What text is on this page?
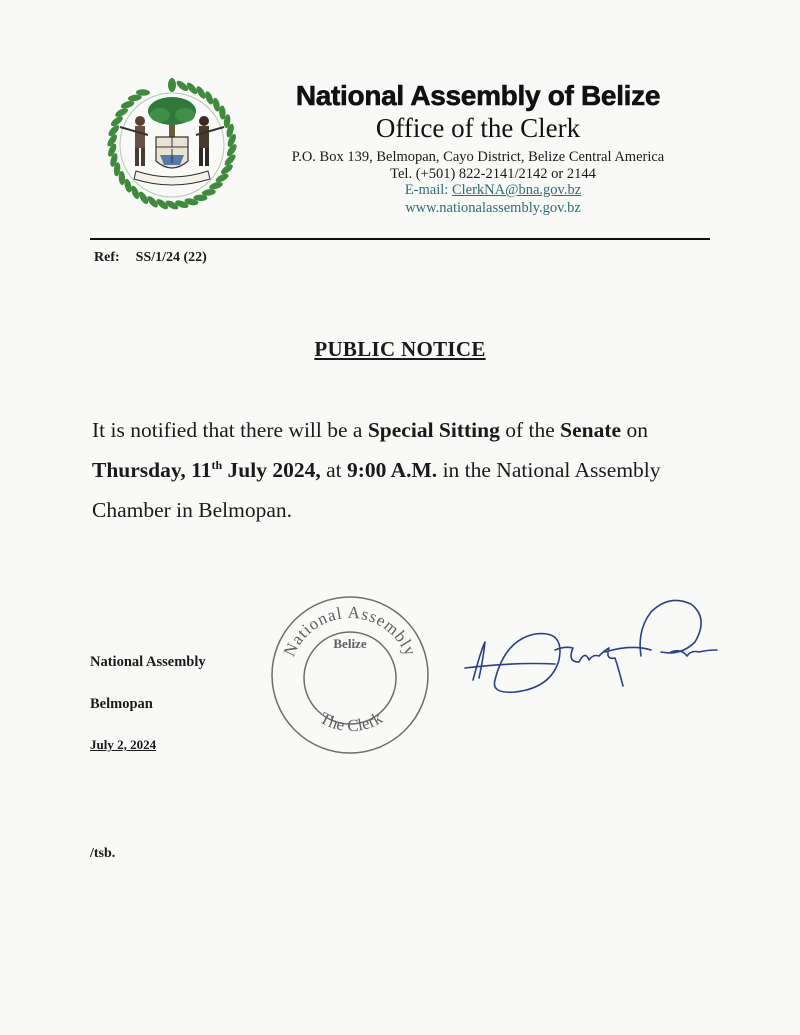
National Assembly of Belize
Office of the Clerk
P.O. Box 139, Belmopan, Cayo District, Belize Central America
Tel. (+501) 822-2141/2142 or 2144
E-mail: ClerkNA@bna.gov.bz
www.nationalassembly.gov.bz
Ref: SS/1/24 (22)
PUBLIC NOTICE
It is notified that there will be a Special Sitting of the Senate on
Thursday, 11th July 2024, at 9:00 A.M. in the National Assembly Chamber in Belmopan.
National Assembly
Belmopan
July 2, 2024
National Assembly
Belize
The Clerk
/tsb.
